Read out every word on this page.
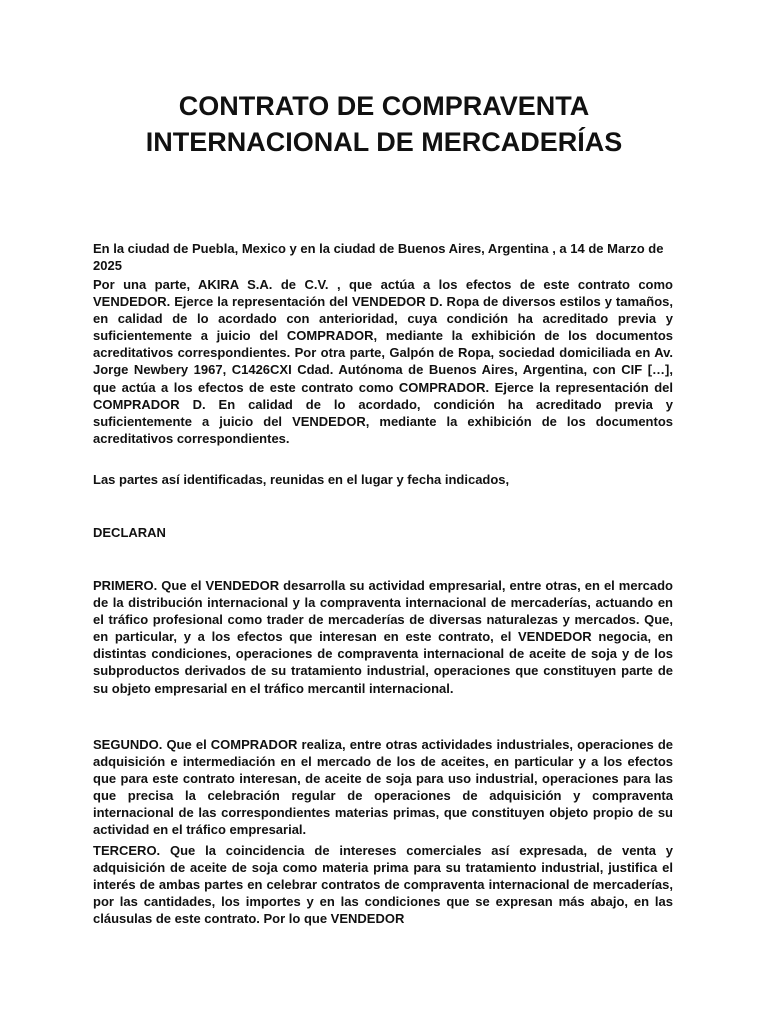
CONTRATO DE COMPRAVENTA
INTERNACIONAL DE MERCADERÍAS

En la ciudad de Puebla, Mexico y en la ciudad de Buenos Aires, Argentina , a 14 de Marzo de 2025

Por una parte, AKIRA S.A. de C.V. , que actúa a los efectos de este contrato como VENDEDOR. Ejerce la representación del VENDEDOR D. Ropa de diversos estilos y tamaños, en calidad de lo acordado con anterioridad, cuya condición ha acreditado previa y suficientemente a juicio del COMPRADOR, mediante la exhibición de los documentos acreditativos correspondientes. Por otra parte, Galpón de Ropa, sociedad domiciliada en Av. Jorge Newbery 1967, C1426CXI Cdad. Autónoma de Buenos Aires, Argentina, con CIF […], que actúa a los efectos de este contrato como COMPRADOR. Ejerce la representación del COMPRADOR D. En calidad de lo acordado, condición ha acreditado previa y suficientemente a juicio del VENDEDOR, mediante la exhibición de los documentos acreditativos correspondientes.

Las partes así identificadas, reunidas en el lugar y fecha indicados,

DECLARAN

PRIMERO. Que el VENDEDOR desarrolla su actividad empresarial, entre otras, en el mercado de la distribución internacional y la compraventa internacional de mercaderías, actuando en el tráfico profesional como trader de mercaderías de diversas naturalezas y mercados. Que, en particular, y a los efectos que interesan en este contrato, el VENDEDOR negocia, en distintas condiciones, operaciones de compraventa internacional de aceite de soja y de los subproductos derivados de su tratamiento industrial, operaciones que constituyen parte de su objeto empresarial en el tráfico mercantil internacional.

SEGUNDO. Que el COMPRADOR realiza, entre otras actividades industriales, operaciones de adquisición e intermediación en el mercado de los de aceites, en particular y a los efectos que para este contrato interesan, de aceite de soja para uso industrial, operaciones para las que precisa la celebración regular de operaciones de adquisición y compraventa internacional de las correspondientes materias primas, que constituyen objeto propio de su actividad en el tráfico empresarial.

TERCERO. Que la coincidencia de intereses comerciales así expresada, de venta y adquisición de aceite de soja como materia prima para su tratamiento industrial, justifica el interés de ambas partes en celebrar contratos de compraventa internacional de mercaderías, por las cantidades, los importes y en las condiciones que se expresan más abajo, en las cláusulas de este contrato. Por lo que VENDEDOR
